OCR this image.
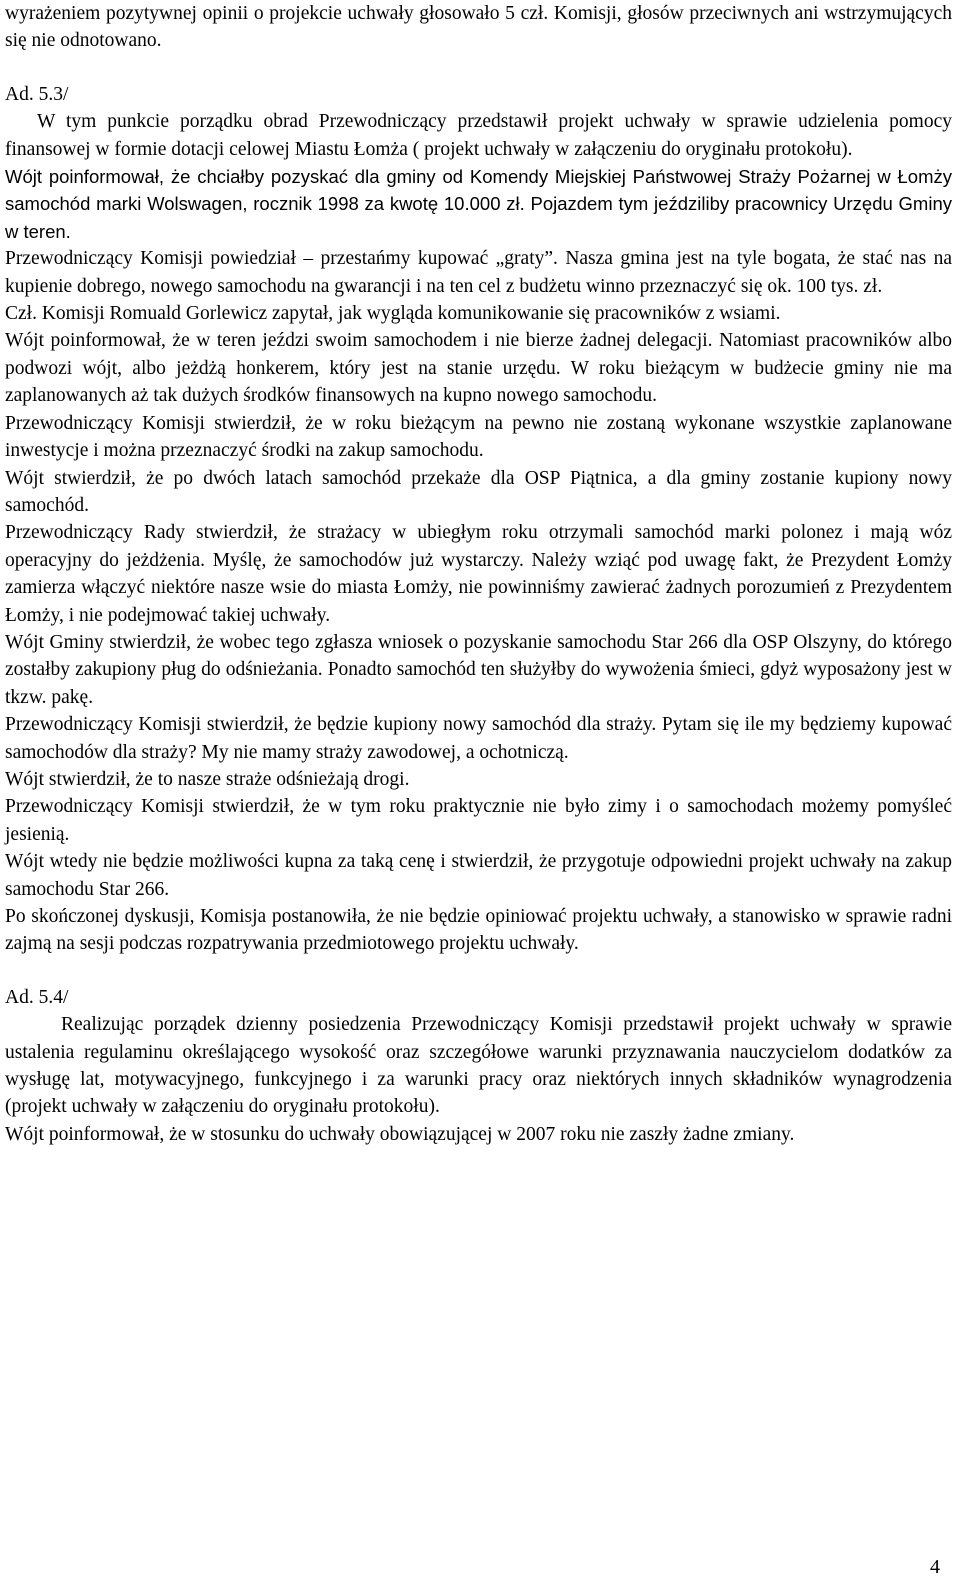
wyrażeniem pozytywnej opinii o projekcie uchwały głosowało 5 czł. Komisji, głosów przeciwnych ani wstrzymujących się nie odnotowano.

Ad. 5.3/

W tym punkcie porządku obrad Przewodniczący przedstawił projekt uchwały w sprawie udzielenia pomocy finansowej w formie dotacji celowej Miastu Łomża ( projekt uchwały w załączeniu do oryginału protokołu).

Wójt poinformował, że chciałby pozyskać dla gminy od Komendy Miejskiej Państwowej Straży Pożarnej w Łomży samochód marki Wolswagen, rocznik 1998 za kwotę 10.000 zł. Pojazdem tym jeździliby pracownicy Urzędu Gminy w teren.

Przewodniczący Komisji powiedział – przestańmy kupować „graty”. Nasza gmina jest na tyle bogata, że stać nas na kupienie dobrego, nowego samochodu na gwarancji i na ten cel z budżetu winno przeznaczyć się ok. 100 tys. zł.

Czł. Komisji Romuald Gorlewicz zapytał, jak wygląda komunikowanie się pracowników z wsiami.

Wójt poinformował, że w teren jeździ swoim samochodem i nie bierze żadnej delegacji. Natomiast pracowników albo podwozi wójt, albo jeżdżą honkerem, który jest na stanie urzędu. W roku bieżącym w budżecie gminy nie ma zaplanowanych aż tak dużych środków finansowych na kupno nowego samochodu.

Przewodniczący Komisji stwierdził, że w roku bieżącym na pewno nie zostaną wykonane wszystkie zaplanowane inwestycje i można przeznaczyć środki na zakup samochodu.

Wójt stwierdził, że po dwóch latach samochód przekaże dla OSP Piątnica, a dla gminy zostanie kupiony nowy samochód.

Przewodniczący Rady stwierdził, że strażacy w ubiegłym roku otrzymali samochód marki polonez i mają wóz operacyjny do jeżdżenia. Myślę, że samochodów już wystarczy. Należy wziąć pod uwagę fakt, że Prezydent Łomży zamierza włączyć niektóre nasze wsie do miasta Łomży, nie powinniśmy zawierać żadnych porozumień z Prezydentem Łomży, i nie podejmować takiej uchwały.

Wójt Gminy stwierdził, że wobec tego zgłasza wniosek o pozyskanie samochodu Star 266 dla OSP Olszyny, do którego zostałby zakupiony pług do odśnieżania. Ponadto samochód ten służyłby do wywożenia śmieci, gdyż wyposażony jest w tkzw. pakę.

Przewodniczący Komisji stwierdził, że będzie kupiony nowy samochód dla straży. Pytam się ile my będziemy kupować samochodów dla straży? My nie mamy straży zawodowej, a ochotniczą.

Wójt stwierdził, że to nasze straże odśnieżają drogi.

Przewodniczący Komisji stwierdził, że w tym roku praktycznie nie było zimy i o samochodach możemy pomyśleć jesienią.

Wójt wtedy nie będzie możliwości kupna za taką cenę i stwierdził, że przygotuje odpowiedni projekt uchwały na zakup samochodu Star 266.

Po skończonej dyskusji, Komisja postanowiła, że nie będzie opiniować projektu uchwały, a stanowisko w sprawie radni zajmą na sesji podczas rozpatrywania przedmiotowego projektu uchwały.

Ad. 5.4/

Realizując porządek dzienny posiedzenia Przewodniczący Komisji przedstawił projekt uchwały w sprawie ustalenia regulaminu określającego wysokość oraz szczegółowe warunki przyznawania nauczycielom dodatków za wysługę lat, motywacyjnego, funkcyjnego i za warunki pracy oraz niektórych innych składników wynagrodzenia (projekt uchwały w załączeniu do oryginału protokołu).

Wójt poinformował, że w stosunku do uchwały obowiązującej w 2007 roku nie zaszły żadne zmiany.

4
